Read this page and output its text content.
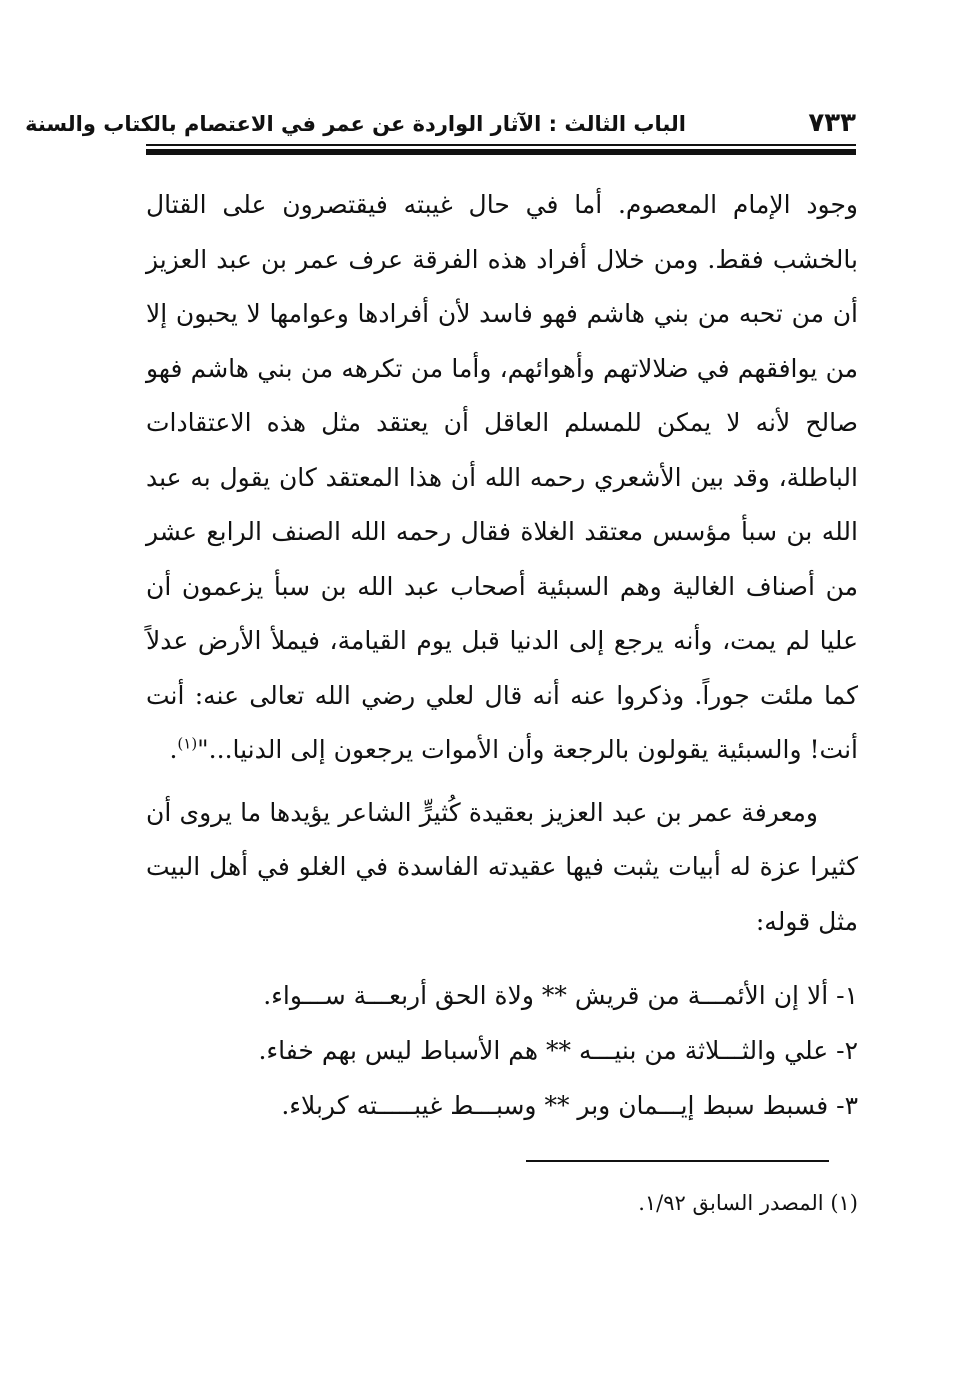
٧٣٣
الباب الثالث : الآثار الواردة عن عمر في الاعتصام بالكتاب والسنة

وجود الإمام المعصوم. أما في حال غيبته فيقتصرون على القتال بالخشب فقط. ومن خلال أفراد هذه الفرقة عرف عمر بن عبد العزيز أن من تحبه من بني هاشم فهو فاسد لأن أفرادها وعوامها لا يحبون إلا من يوافقهم في ضلالاتهم وأهوائهم، وأما من تكرهه من بني هاشم فهو صالح لأنه لا يمكن للمسلم العاقل أن يعتقد مثل هذه الاعتقادات الباطلة، وقد بين الأشعري رحمه الله أن هذا المعتقد كان يقول به عبد الله بن سبأ مؤسس معتقد الغلاة فقال رحمه الله الصنف الرابع عشر من أصناف الغالية وهم السبئية أصحاب عبد الله بن سبأ يزعمون أن عليا لم يمت، وأنه يرجع إلى الدنيا قبل يوم القيامة، فيملأ الأرض عدلاً كما ملئت جوراً. وذكروا عنه أنه قال لعلي رضي الله تعالى عنه: أنت أنت! والسبئية يقولون بالرجعة وأن الأموات يرجعون إلى الدنيا..."$^{(١)}$.

ومعرفة عمر بن عبد العزيز بعقيدة كُثيرٍّ الشاعر يؤيدها ما يروى أن كثيرا عزة له أبيات يثبت فيها عقيدته الفاسدة في الغلو في أهل البيت مثل قوله:

١- ألا إن الأئمـــة من قريش ** ولاة الحق أربعـــة ســـواء.
٢- علي والثـــلاثة من بنيـــه ** هم الأسباط ليس بهم خفاء.
٣- فسبط سبط إيـــمان وبر ** وسبـــط غيبـــــته كربلاء.
(١) المصدر السابق ١/٩٢.
